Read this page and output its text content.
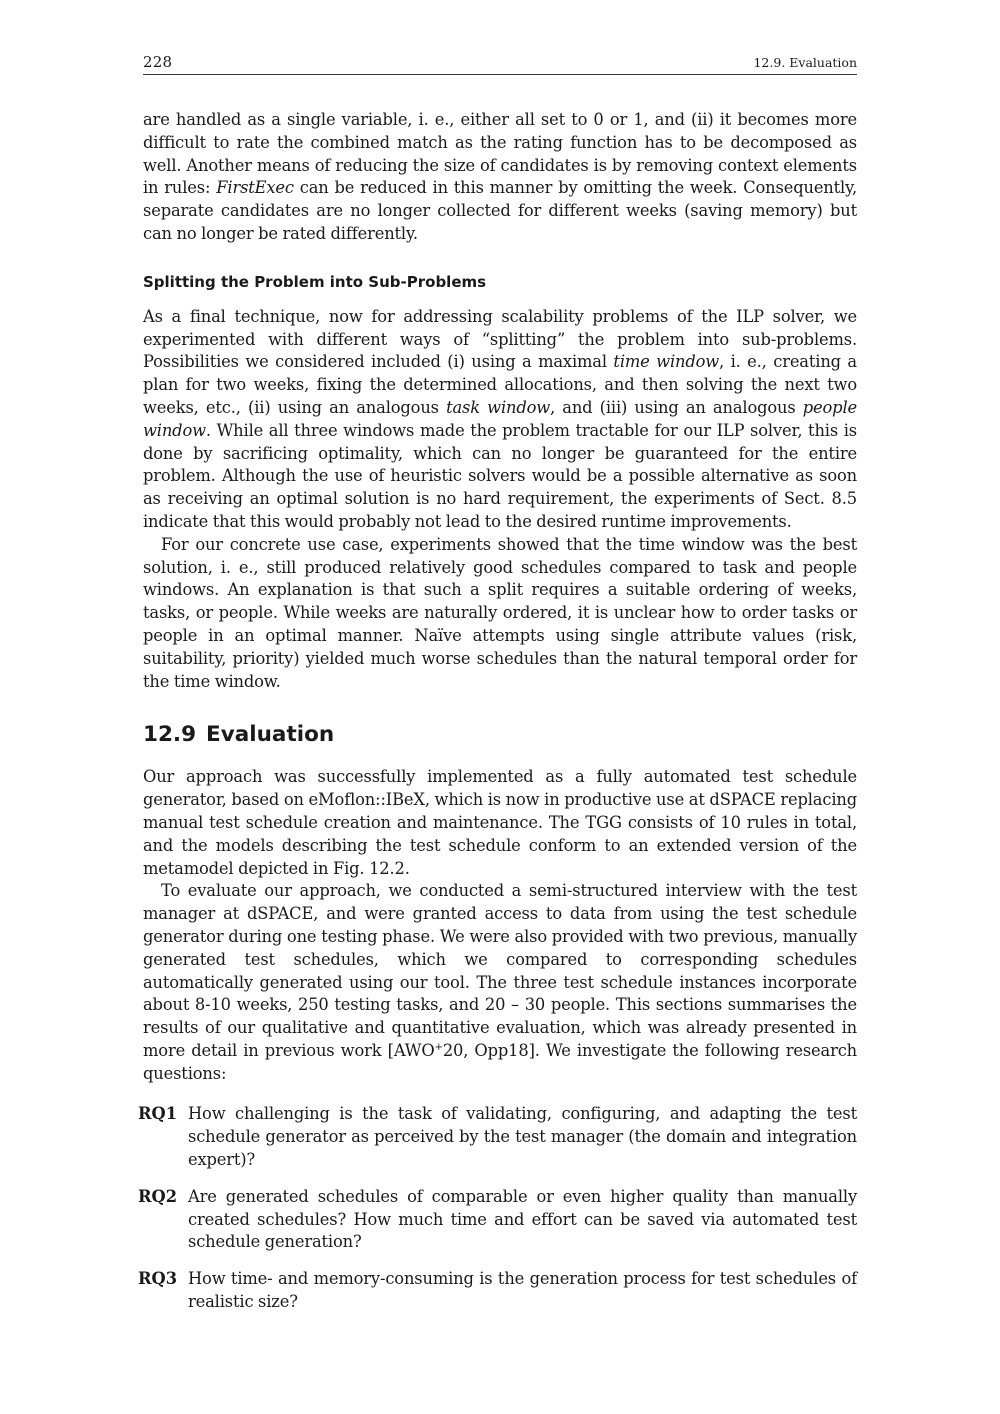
228	12.9. Evaluation

are handled as a single variable, i. e., either all set to 0 or 1, and (ii) it becomes more difficult to rate the combined match as the rating function has to be decomposed as well. Another means of reducing the size of candidates is by removing context elements in rules: FirstExec can be reduced in this manner by omitting the week. Consequently, separate candidates are no longer collected for different weeks (saving memory) but can no longer be rated differently.

Splitting the Problem into Sub-Problems

As a final technique, now for addressing scalability problems of the ILP solver, we experimented with different ways of “splitting” the problem into sub-problems. Possibilities we considered included (i) using a maximal time window, i. e., creating a plan for two weeks, fixing the determined allocations, and then solving the next two weeks, etc., (ii) using an analogous task window, and (iii) using an analogous people window. While all three windows made the problem tractable for our ILP solver, this is done by sacrificing optimality, which can no longer be guaranteed for the entire problem. Although the use of heuristic solvers would be a possible alternative as soon as receiving an optimal solution is no hard requirement, the experiments of Sect. 8.5 indicate that this would probably not lead to the desired runtime improvements.

For our concrete use case, experiments showed that the time window was the best solution, i. e., still produced relatively good schedules compared to task and people windows. An explanation is that such a split requires a suitable ordering of weeks, tasks, or people. While weeks are naturally ordered, it is unclear how to order tasks or people in an optimal manner. Naïve attempts using single attribute values (risk, suitability, priority) yielded much worse schedules than the natural temporal order for the time window.

12.9 Evaluation

Our approach was successfully implemented as a fully automated test schedule generator, based on eMoflon::IBeX, which is now in productive use at dSPACE replacing manual test schedule creation and maintenance. The TGG consists of 10 rules in total, and the models describing the test schedule conform to an extended version of the metamodel depicted in Fig. 12.2.

To evaluate our approach, we conducted a semi-structured interview with the test manager at dSPACE, and were granted access to data from using the test schedule generator during one testing phase. We were also provided with two previous, manually generated test schedules, which we compared to corresponding schedules automatically generated using our tool. The three test schedule instances incorporate about 8-10 weeks, 250 testing tasks, and 20 – 30 people. This sections summarises the results of our qualitative and quantitative evaluation, which was already presented in more detail in previous work [AWO+20, Opp18]. We investigate the following research questions:

RQ1 How challenging is the task of validating, configuring, and adapting the test schedule generator as perceived by the test manager (the domain and integration expert)?
RQ2 Are generated schedules of comparable or even higher quality than manually created schedules? How much time and effort can be saved via automated test schedule generation?
RQ3 How time- and memory-consuming is the generation process for test schedules of realistic size?
